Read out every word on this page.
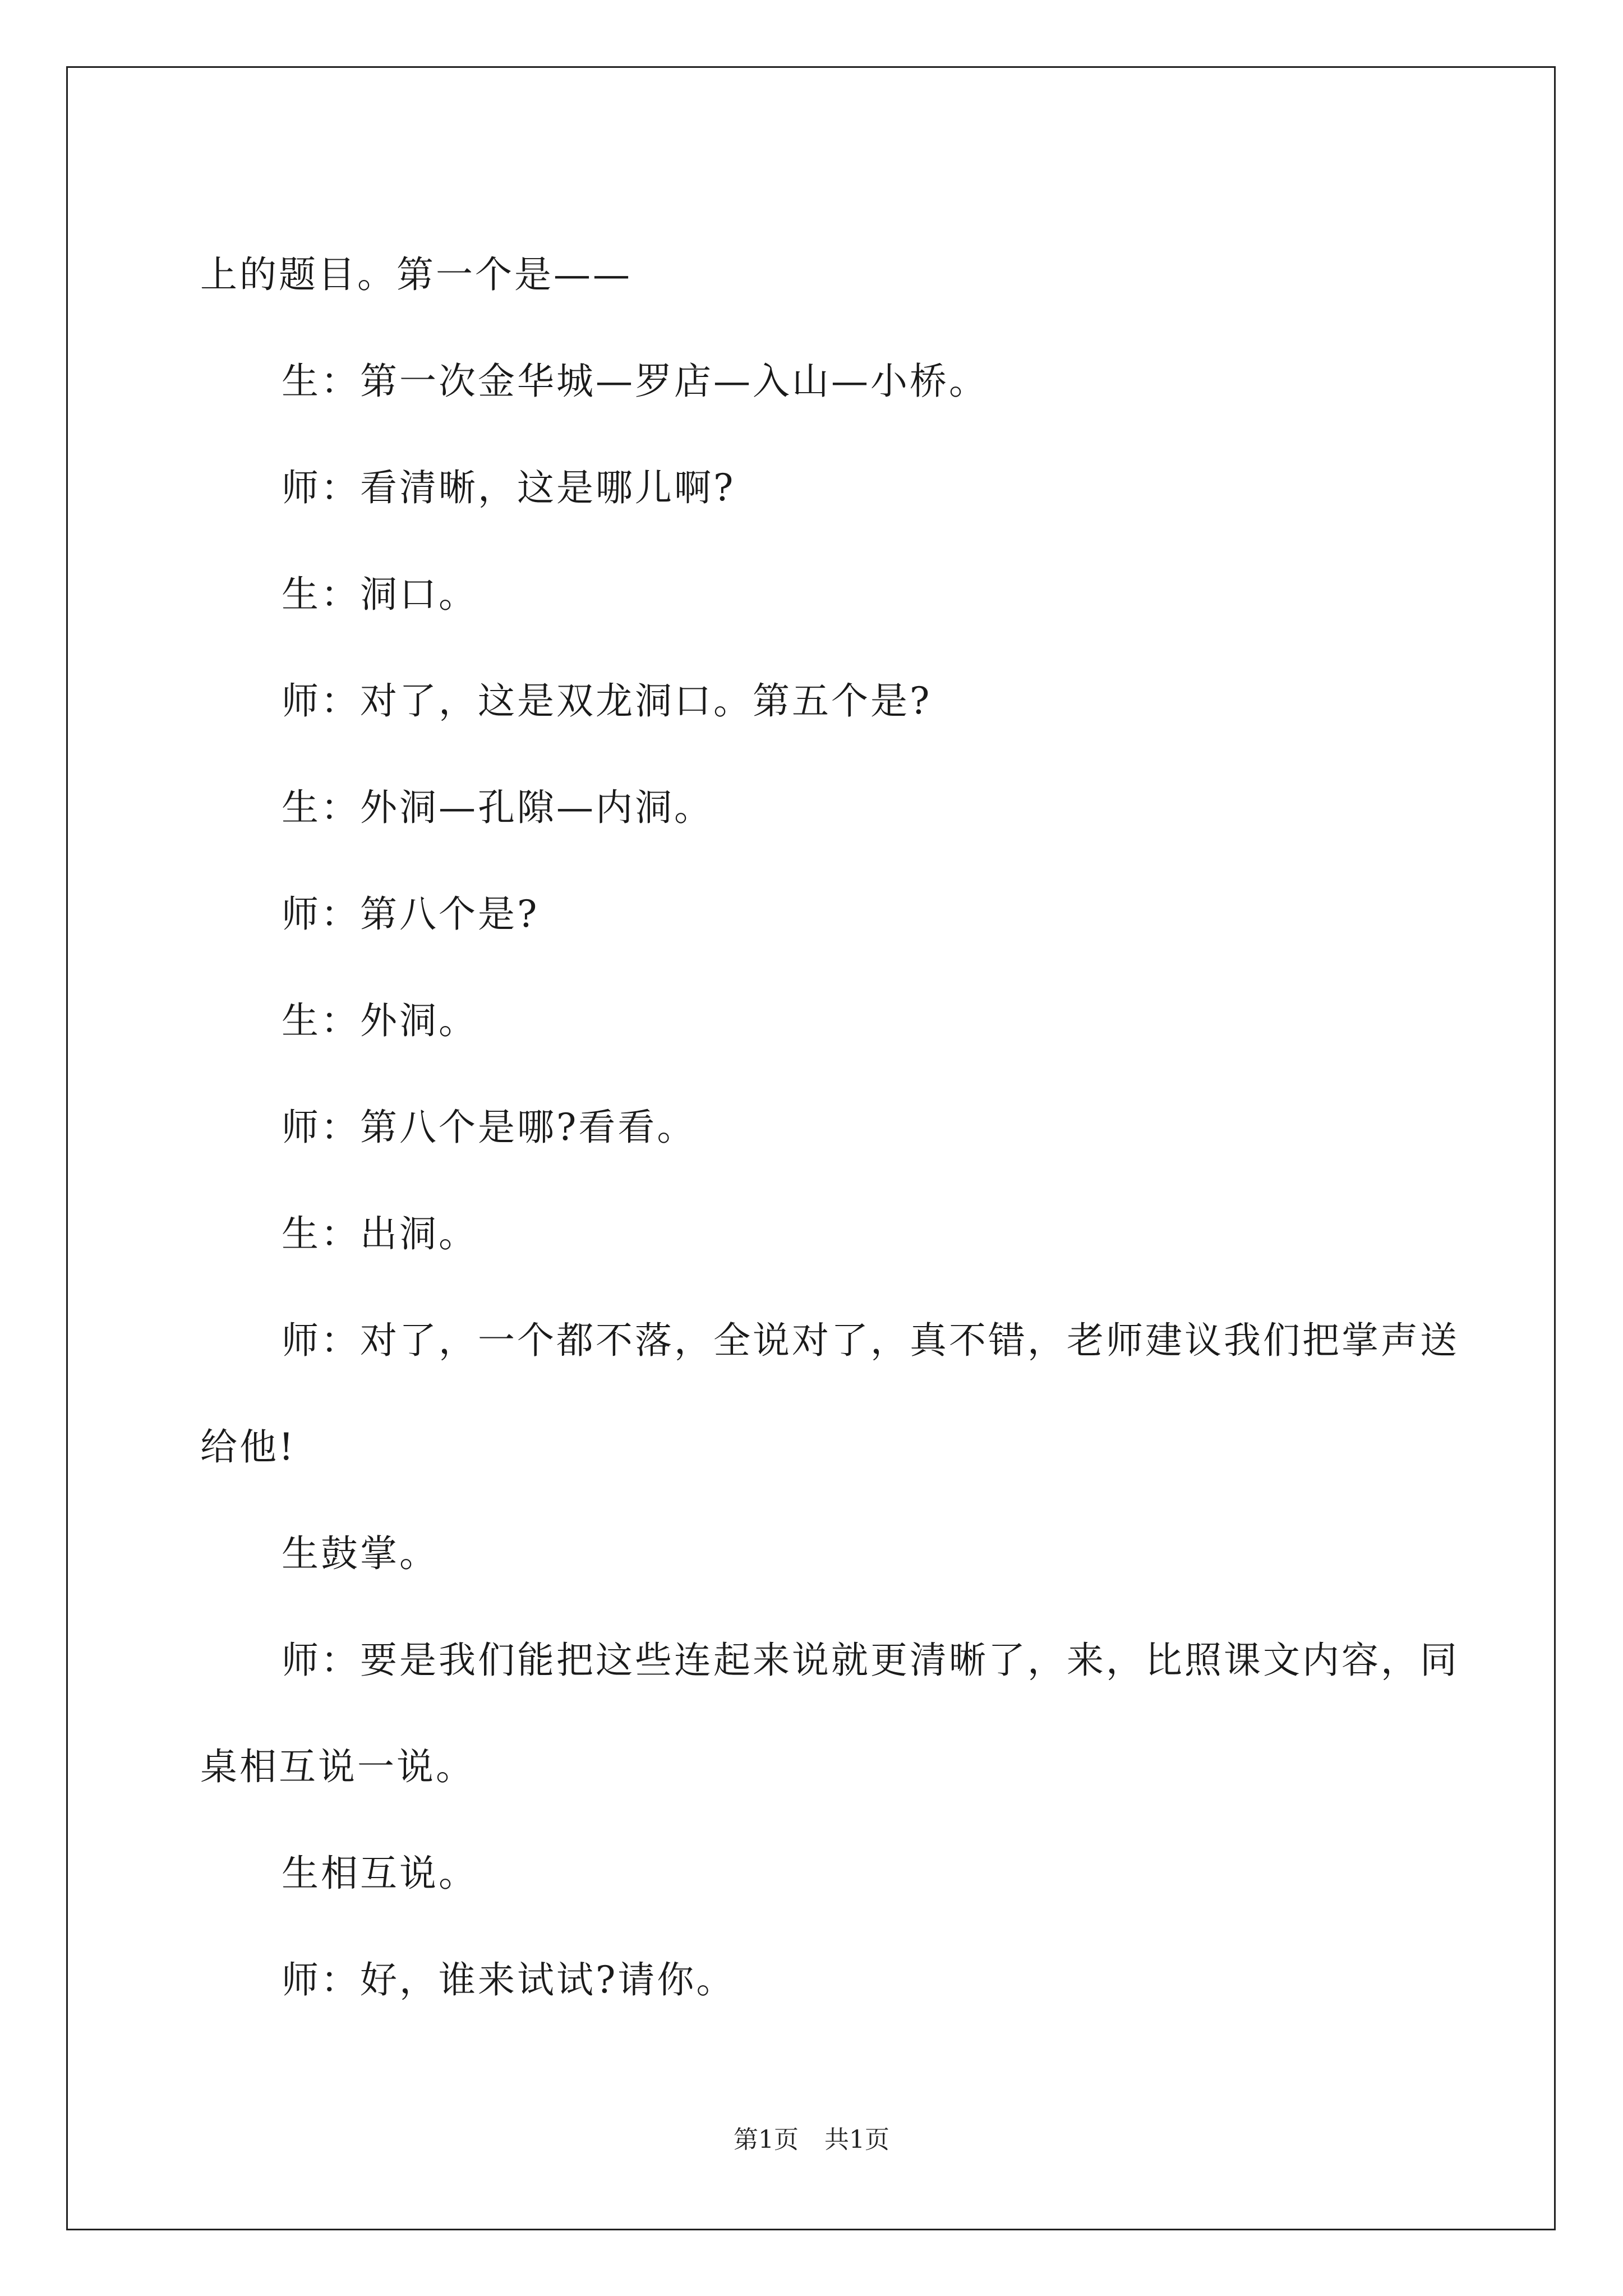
上的题目。第一个是——

生：第一次金华城—罗店—入山—小桥。

师：看清晰，这是哪儿啊?

生：洞口。

师：对了，这是双龙洞口。第五个是?

生：外洞—孔隙—内洞。

师：第八个是?

生：外洞。

师：第八个是哪?看看。

生：出洞。

师：对了，一个都不落，全说对了，真不错，老师建议我们把掌声送给他!

生鼓掌。

师：要是我们能把这些连起来说就更清晰了，来，比照课文内容，同桌相互说一说。

生相互说。

师：好，谁来试试?请你。

第1页 共1页
